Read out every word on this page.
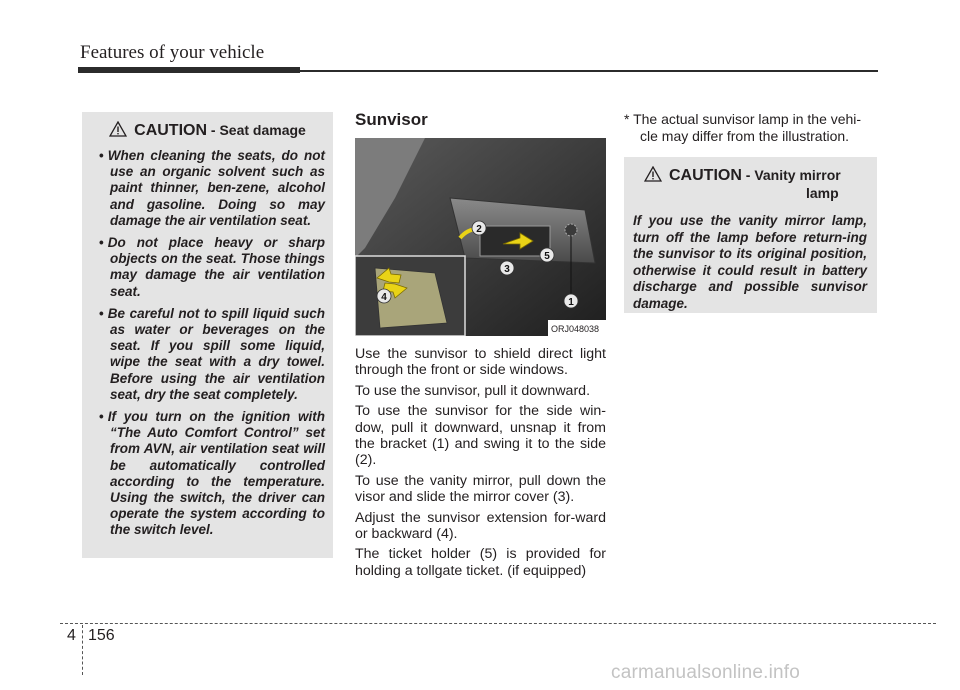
Features of your vehicle
CAUTION - Seat damage
• When cleaning the seats, do not use an organic solvent such as paint thinner, ben-zene, alcohol and gasoline. Doing so may damage the air ventilation seat.
• Do not place heavy or sharp objects on the seat. Those things may damage the air ventilation seat.
• Be careful not to spill liquid such as water or beverages on the seat. If you spill some liquid, wipe the seat with a dry towel. Before using the air ventilation seat, dry the seat completely.
• If you turn on the ignition with “The Auto Comfort Control” set from AVN, air ventilation seat will be automatically controlled according to the temperature. Using the switch, the driver can operate the system according to the switch level.
Sunvisor
1
2
3
4
5
ORJ048038

Use the sunvisor to shield direct light through the front or side windows.

To use the sunvisor, pull it downward.

To use the sunvisor for the side win-dow, pull it downward, unsnap it from the bracket (1) and swing it to the side (2).

To use the vanity mirror, pull down the visor and slide the mirror cover (3).

Adjust the sunvisor extension for-ward or backward (4).

The ticket holder (5) is provided for holding a tollgate ticket. (if equipped)

* The actual sunvisor lamp in the vehi-
cle may differ from the illustration.
CAUTION - Vanity mirror
lamp
If you use the vanity mirror lamp, turn off the lamp before return-ing the sunvisor to its original position, otherwise it could result in battery discharge and possible sunvisor damage.
4 156
carmanualsonline.info
